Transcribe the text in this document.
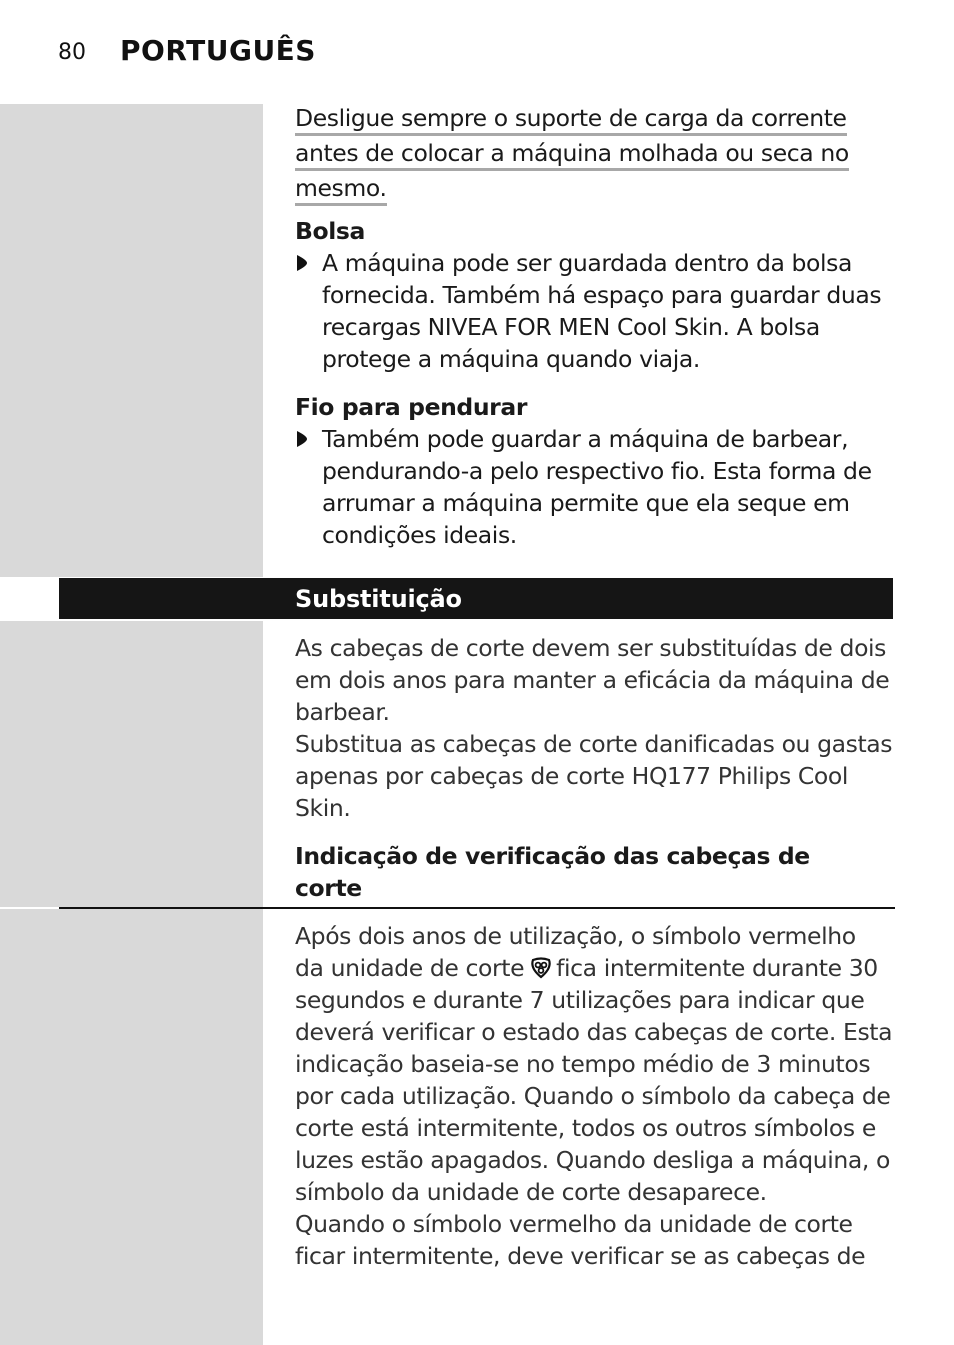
80 PORTUGUÊS
Desligue sempre o suporte de carga da corrente
antes de colocar a máquina molhada ou seca no
mesmo.
Bolsa
A máquina pode ser guardada dentro da bolsa
fornecida. Também há espaço para guardar duas
recargas NIVEA FOR MEN Cool Skin. A bolsa
protege a máquina quando viaja.
Fio para pendurar
Também pode guardar a máquina de barbear,
pendurando-a pelo respectivo fio. Esta forma de
arrumar a máquina permite que ela seque em
condições ideais.
Substituição
As cabeças de corte devem ser substituídas de dois
em dois anos para manter a eficácia da máquina de
barbear.
Substitua as cabeças de corte danificadas ou gastas
apenas por cabeças de corte HQ177 Philips Cool
Skin.
Indicação de verificação das cabeças de
corte
Após dois anos de utilização, o símbolo vermelho
da unidade de corte fica intermitente durante 30
segundos e durante 7 utilizações para indicar que
deverá verificar o estado das cabeças de corte. Esta
indicação baseia-se no tempo médio de 3 minutos
por cada utilização. Quando o símbolo da cabeça de
corte está intermitente, todos os outros símbolos e
luzes estão apagados. Quando desliga a máquina, o
símbolo da unidade de corte desaparece.
Quando o símbolo vermelho da unidade de corte
ficar intermitente, deve verificar se as cabeças de
